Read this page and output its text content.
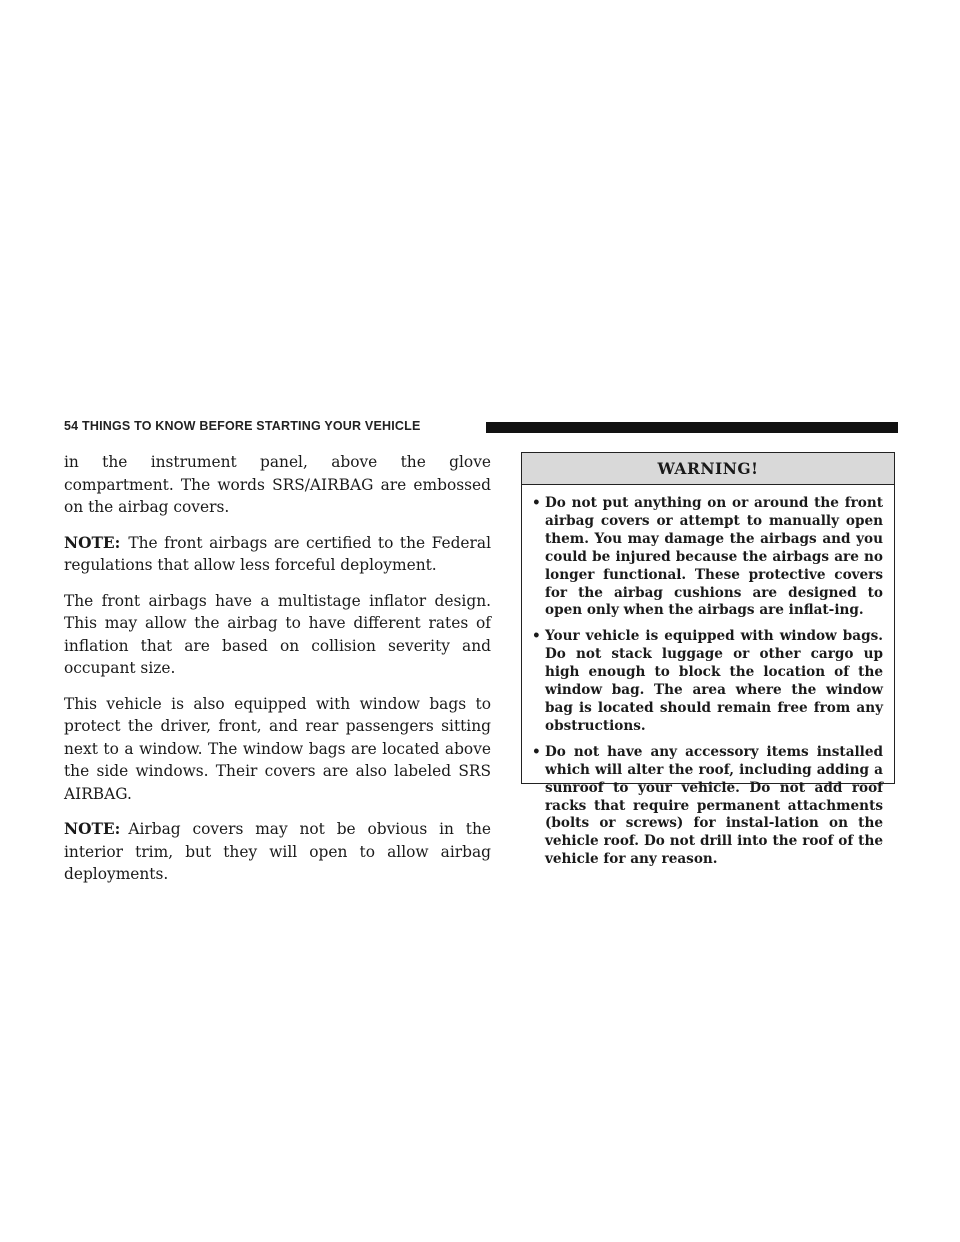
54 THINGS TO KNOW BEFORE STARTING YOUR VEHICLE

in the instrument panel, above the glove compartment. The words SRS/AIRBAG are embossed on the airbag covers.

NOTE: The front airbags are certified to the Federal regulations that allow less forceful deployment.

The front airbags have a multistage inflator design. This may allow the airbag to have different rates of inflation that are based on collision severity and occupant size.

This vehicle is also equipped with window bags to protect the driver, front, and rear passengers sitting next to a window. The window bags are located above the side windows. Their covers are also labeled SRS AIRBAG.

NOTE: Airbag covers may not be obvious in the interior trim, but they will open to allow airbag deployments.

WARNING!
• Do not put anything on or around the front airbag covers or attempt to manually open them. You may damage the airbags and you could be injured because the airbags are no longer functional. These protective covers for the airbag cushions are designed to open only when the airbags are inflat-ing.
• Your vehicle is equipped with window bags. Do not stack luggage or other cargo up high enough to block the location of the window bag. The area where the window bag is located should remain free from any obstructions.
• Do not have any accessory items installed which will alter the roof, including adding a sunroof to your vehicle. Do not add roof racks that require permanent attachments (bolts or screws) for instal-lation on the vehicle roof. Do not drill into the roof of the vehicle for any reason.
